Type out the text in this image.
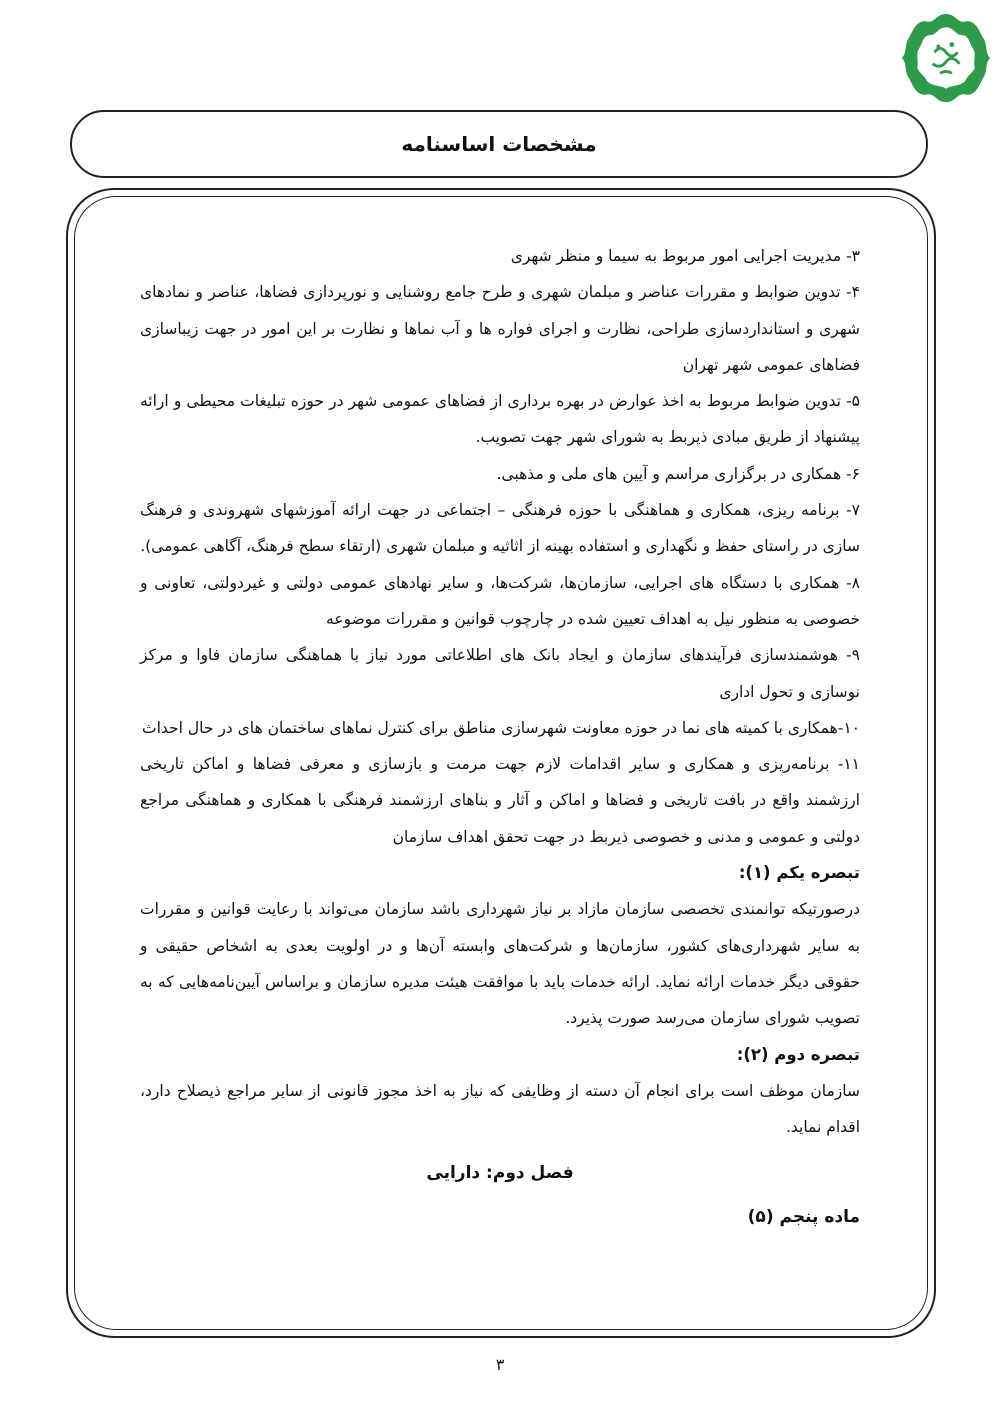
مشخصات اساسنامه

۳- مدیریت اجرایی امور مربوط به سیما و منظر شهری

۴- تدوین ضوابط و مقررات عناصر و مبلمان شهری و طرح جامع روشنایی و نورپردازی فضاها، عناصر و نمادهای شهری و استانداردسازی طراحی، نظارت و اجرای فواره ها و آب نماها و نظارت بر این امور در جهت زیباسازی فضاهای عمومی شهر تهران

۵- تدوین ضوابط مربوط به اخذ عوارض در بهره برداری از فضاهای عمومی شهر در حوزه تبلیغات محیطی و ارائه پیشنهاد از طریق مبادی ذیربط به شورای شهر جهت تصویب.

۶- همکاری در برگزاری مراسم و آیین های ملی و مذهبی.

۷- برنامه ریزی، همکاری و هماهنگی با حوزه فرهنگی – اجتماعی در جهت ارائه آموزشهای شهروندی و فرهنگ سازی در راستای حفظ و نگهداری و استفاده بهینه از اثاثیه و مبلمان شهری (ارتقاء سطح فرهنگ، آگاهی عمومی).

۸- همکاری با دستگاه های اجرایی، سازمان‌ها، شرکت‌ها، و سایر نهادهای عمومی دولتی و غیردولتی، تعاونی و خصوصی به منظور نیل به اهداف تعیین شده در چارچوب قوانین و مقررات موضوعه

۹- هوشمندسازی فرآیندهای سازمان و ایجاد بانک های اطلاعاتی مورد نیاز با هماهنگی سازمان فاوا و مرکز نوسازی و تحول اداری

۱۰-همکاری با کمیته های نما در حوزه معاونت شهرسازی مناطق برای کنترل نماهای ساختمان های در حال احداث

۱۱- برنامه‌ریزی و همکاری و سایر اقدامات لازم جهت مرمت و بازسازی و معرفی فضاها و اماکن تاریخی ارزشمند واقع در بافت تاریخی و فضاها و اماکن و آثار و بناهای ارزشمند فرهنگی با همکاری و هماهنگی مراجع دولتی و عمومی و مدنی و خصوصی ذیربط در جهت تحقق اهداف سازمان

تبصره یکم (۱):

درصورتیکه توانمندی تخصصی سازمان مازاد بر نیاز شهرداری باشد سازمان می‌تواند با رعایت قوانین و مقررات به سایر شهرداری‌های کشور، سازمان‌ها و شرکت‌های وابسته آن‌ها و در اولویت بعدی به اشخاص حقیقی و حقوقی دیگر خدمات ارائه نماید. ارائه خدمات باید با موافقت هیئت مدیره سازمان و براساس آیین‌نامه‌هایی که به تصویب شورای سازمان می‌رسد صورت پذیرد.

تبصره دوم (۲):

سازمان موظف است برای انجام آن دسته از وظایفی که نیاز به اخذ مجوز قانونی از سایر مراجع ذیصلاح دارد، اقدام نماید.

فصل دوم: دارایی
ماده پنجم (۵)
۳
